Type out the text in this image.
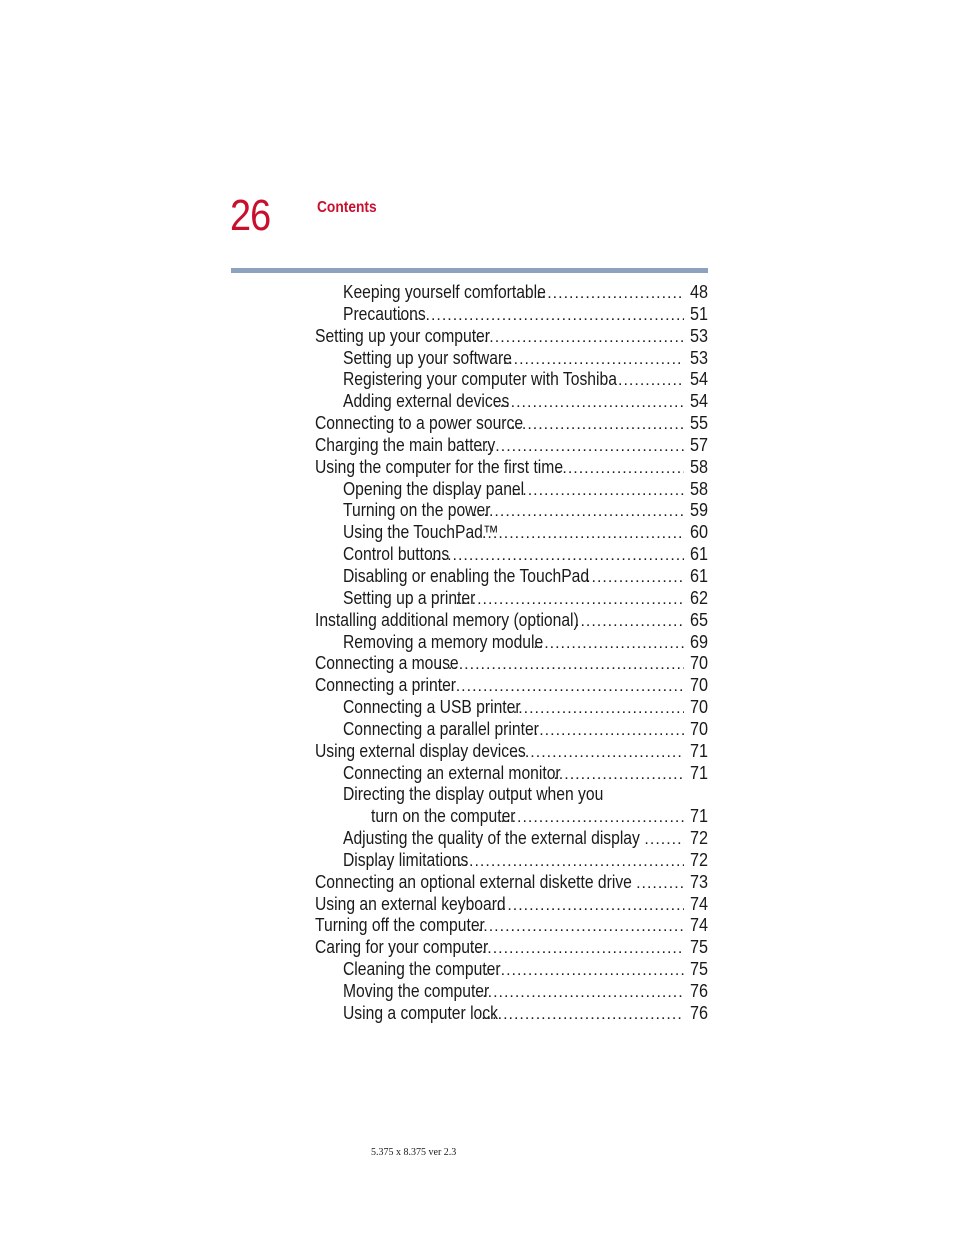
26	Contents
Keeping yourself comfortable .....	48
Precautions .....	51
Setting up your computer .....	53
Setting up your software .....	53
Registering your computer with Toshiba .....	54
Adding external devices .....	54
Connecting to a power source .....	55
Charging the main battery .....	57
Using the computer for the first time .....	58
Opening the display panel .....	58
Turning on the power .....	59
Using the TouchPad™ .....	60
Control buttons .....	61
Disabling or enabling the TouchPad .....	61
Setting up a printer .....	62
Installing additional memory (optional) .....	65
Removing a memory module .....	69
Connecting a mouse .....	70
Connecting a printer .....	70
Connecting a USB printer .....	70
Connecting a parallel printer .....	70
Using external display devices .....	71
Connecting an external monitor .....	71
Directing the display output when you
turn on the computer .....	71
Adjusting the quality of the external display .....	72
Display limitations .....	72
Connecting an optional external diskette drive .....	73
Using an external keyboard .....	74
Turning off the computer .....	74
Caring for your computer .....	75
Cleaning the computer .....	75
Moving the computer .....	76
Using a computer lock .....	76
5.375 x 8.375 ver 2.3
